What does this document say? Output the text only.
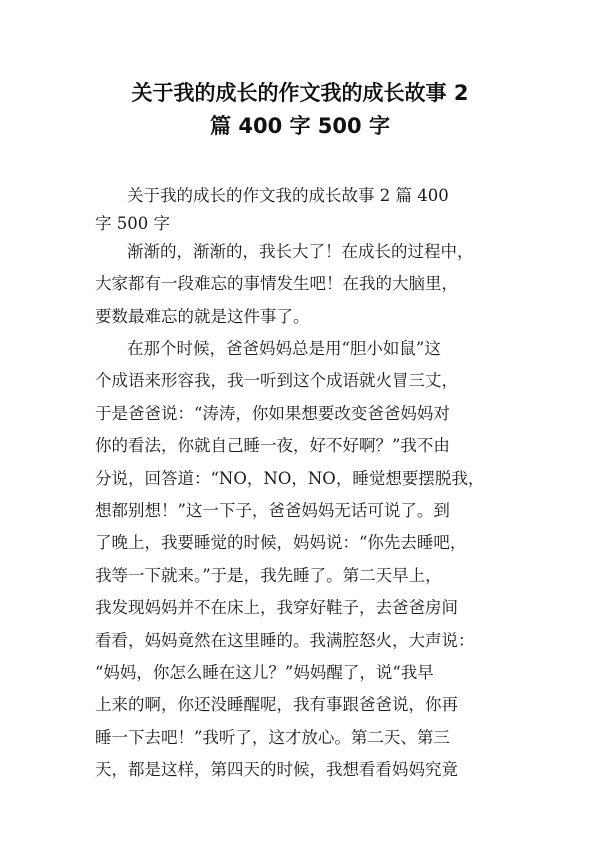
关于我的成长的作文我的成长故事 2
篇 400 字 500 字
关于我的成长的作文我的成长故事 2 篇 400
字 500 字
渐渐的，渐渐的，我长大了！在成长的过程中，
大家都有一段难忘的事情发生吧！在我的大脑里，
要数最难忘的就是这件事了。
在那个时候，爸爸妈妈总是用“胆小如鼠”这
个成语来形容我，我一听到这个成语就火冒三丈，
于是爸爸说：“涛涛，你如果想要改变爸爸妈妈对
你的看法，你就自己睡一夜，好不好啊？”我不由
分说，回答道：“NO，NO，NO，睡觉想要摆脱我，
想都别想！”这一下子，爸爸妈妈无话可说了。到
了晚上，我要睡觉的时候，妈妈说：“你先去睡吧，
我等一下就来。”于是，我先睡了。第二天早上，
我发现妈妈并不在床上，我穿好鞋子，去爸爸房间
看看，妈妈竟然在这里睡的。我满腔怒火，大声说：
“妈妈，你怎么睡在这儿？”妈妈醒了，说“我早
上来的啊，你还没睡醒呢，我有事跟爸爸说，你再
睡一下去吧！”我听了，这才放心。第二天、第三
天，都是这样，第四天的时候，我想看看妈妈究竟
